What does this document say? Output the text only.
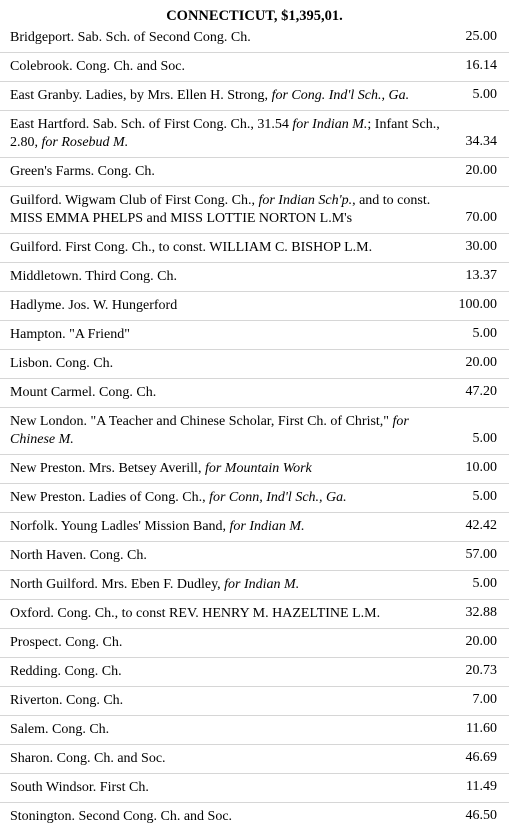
CONNECTICUT, $1,395,01.
Bridgeport. Sab. Sch. of Second Cong. Ch.	25.00
Colebrook. Cong. Ch. and Soc.	16.14
East Granby. Ladies, by Mrs. Ellen H. Strong, for Cong. Ind'l Sch., Ga.	5.00
East Hartford. Sab. Sch. of First Cong. Ch., 31.54 for Indian M.; Infant Sch., 2.80, for Rosebud M.	34.34
Green's Farms. Cong. Ch.	20.00
Guilford. Wigwam Club of First Cong. Ch., for Indian Sch'p., and to const. MISS EMMA PHELPS and MISS LOTTIE NORTON L.M's	70.00
Guilford. First Cong. Ch., to const. WILLIAM C. BISHOP L.M.	30.00
Middletown. Third Cong. Ch.	13.37
Hadlyme. Jos. W. Hungerford	100.00
Hampton. "A Friend"	5.00
Lisbon. Cong. Ch.	20.00
Mount Carmel. Cong. Ch.	47.20
New London. "A Teacher and Chinese Scholar, First Ch. of Christ," for Chinese M.	5.00
New Preston. Mrs. Betsey Averill, for Mountain Work	10.00
New Preston. Ladies of Cong. Ch., for Conn, Ind'l Sch., Ga.	5.00
Norfolk. Young Ladles' Mission Band, for Indian M.	42.42
North Haven. Cong. Ch.	57.00
North Guilford. Mrs. Eben F. Dudley, for Indian M.	5.00
Oxford. Cong. Ch., to const REV. HENRY M. HAZELTINE L.M.	32.88
Prospect. Cong. Ch.	20.00
Redding. Cong. Ch.	20.73
Riverton. Cong. Ch.	7.00
Salem. Cong. Ch.	11.60
Sharon. Cong. Ch. and Soc.	46.69
South Windsor. First Ch.	11.49
Stonington. Second Cong. Ch. and Soc.	46.50
